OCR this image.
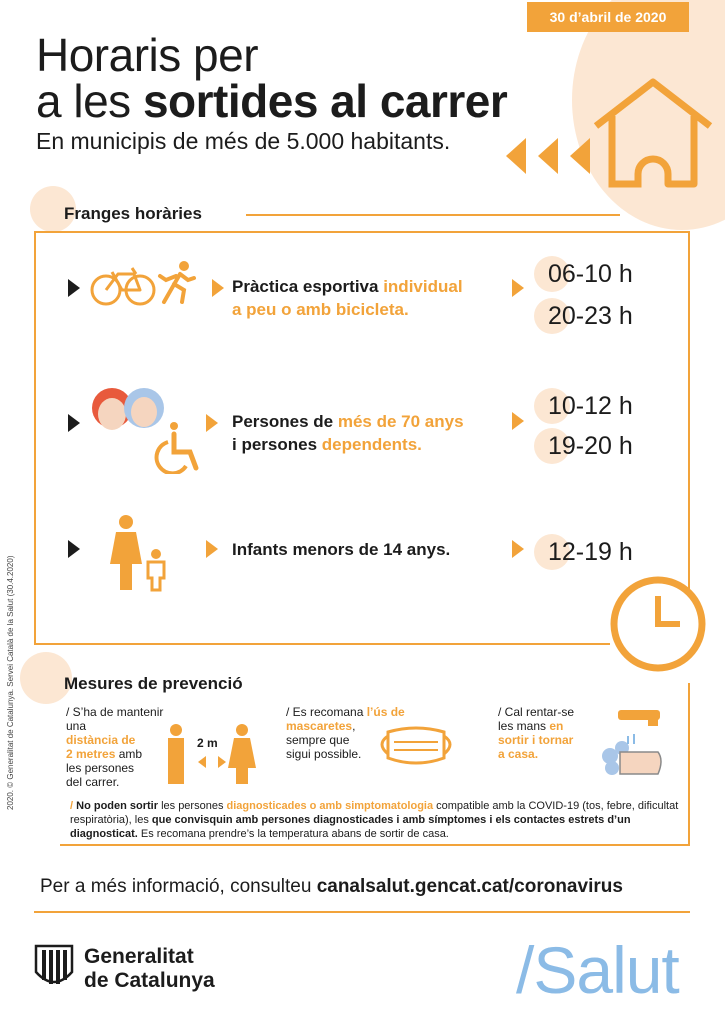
30 d’abril de 2020
Horaris per
a les sortides al carrer
En municipis de més de 5.000 habitants.
Franges horàries
Pràctica esportiva individual
a peu o amb bicicleta.
06-10 h
20-23 h
Persones de més de 70 anys
i persones dependents.
10-12 h
19-20 h
Infants menors de 14 anys.	12-19 h
Mesures de prevenció
/ S’ha de mantenir una
distància de
2 metres amb
les persones
del carrer.
2 m
/ Es recomana l’ús de
mascaretes,
sempre que
sigui possible.
/ Cal rentar-se
les mans en
sortir i tornar
a casa.
/ No poden sortir les persones diagnosticades o amb simptomatologia compatible amb la COVID-19 (tos, febre, dificultat respiratòria), les que convisquin amb persones diagnosticades i amb símptomes i els contactes estrets d’un diagnosticat. Es recomana prendre’s la temperatura abans de sortir de casa.
Per a més informació, consulteu canalsalut.gencat.cat/coronavirus
Generalitat
de Catalunya	/Salut
2020. © Generalitat de Catalunya. Servei Català de la Salut (30.4.2020)
